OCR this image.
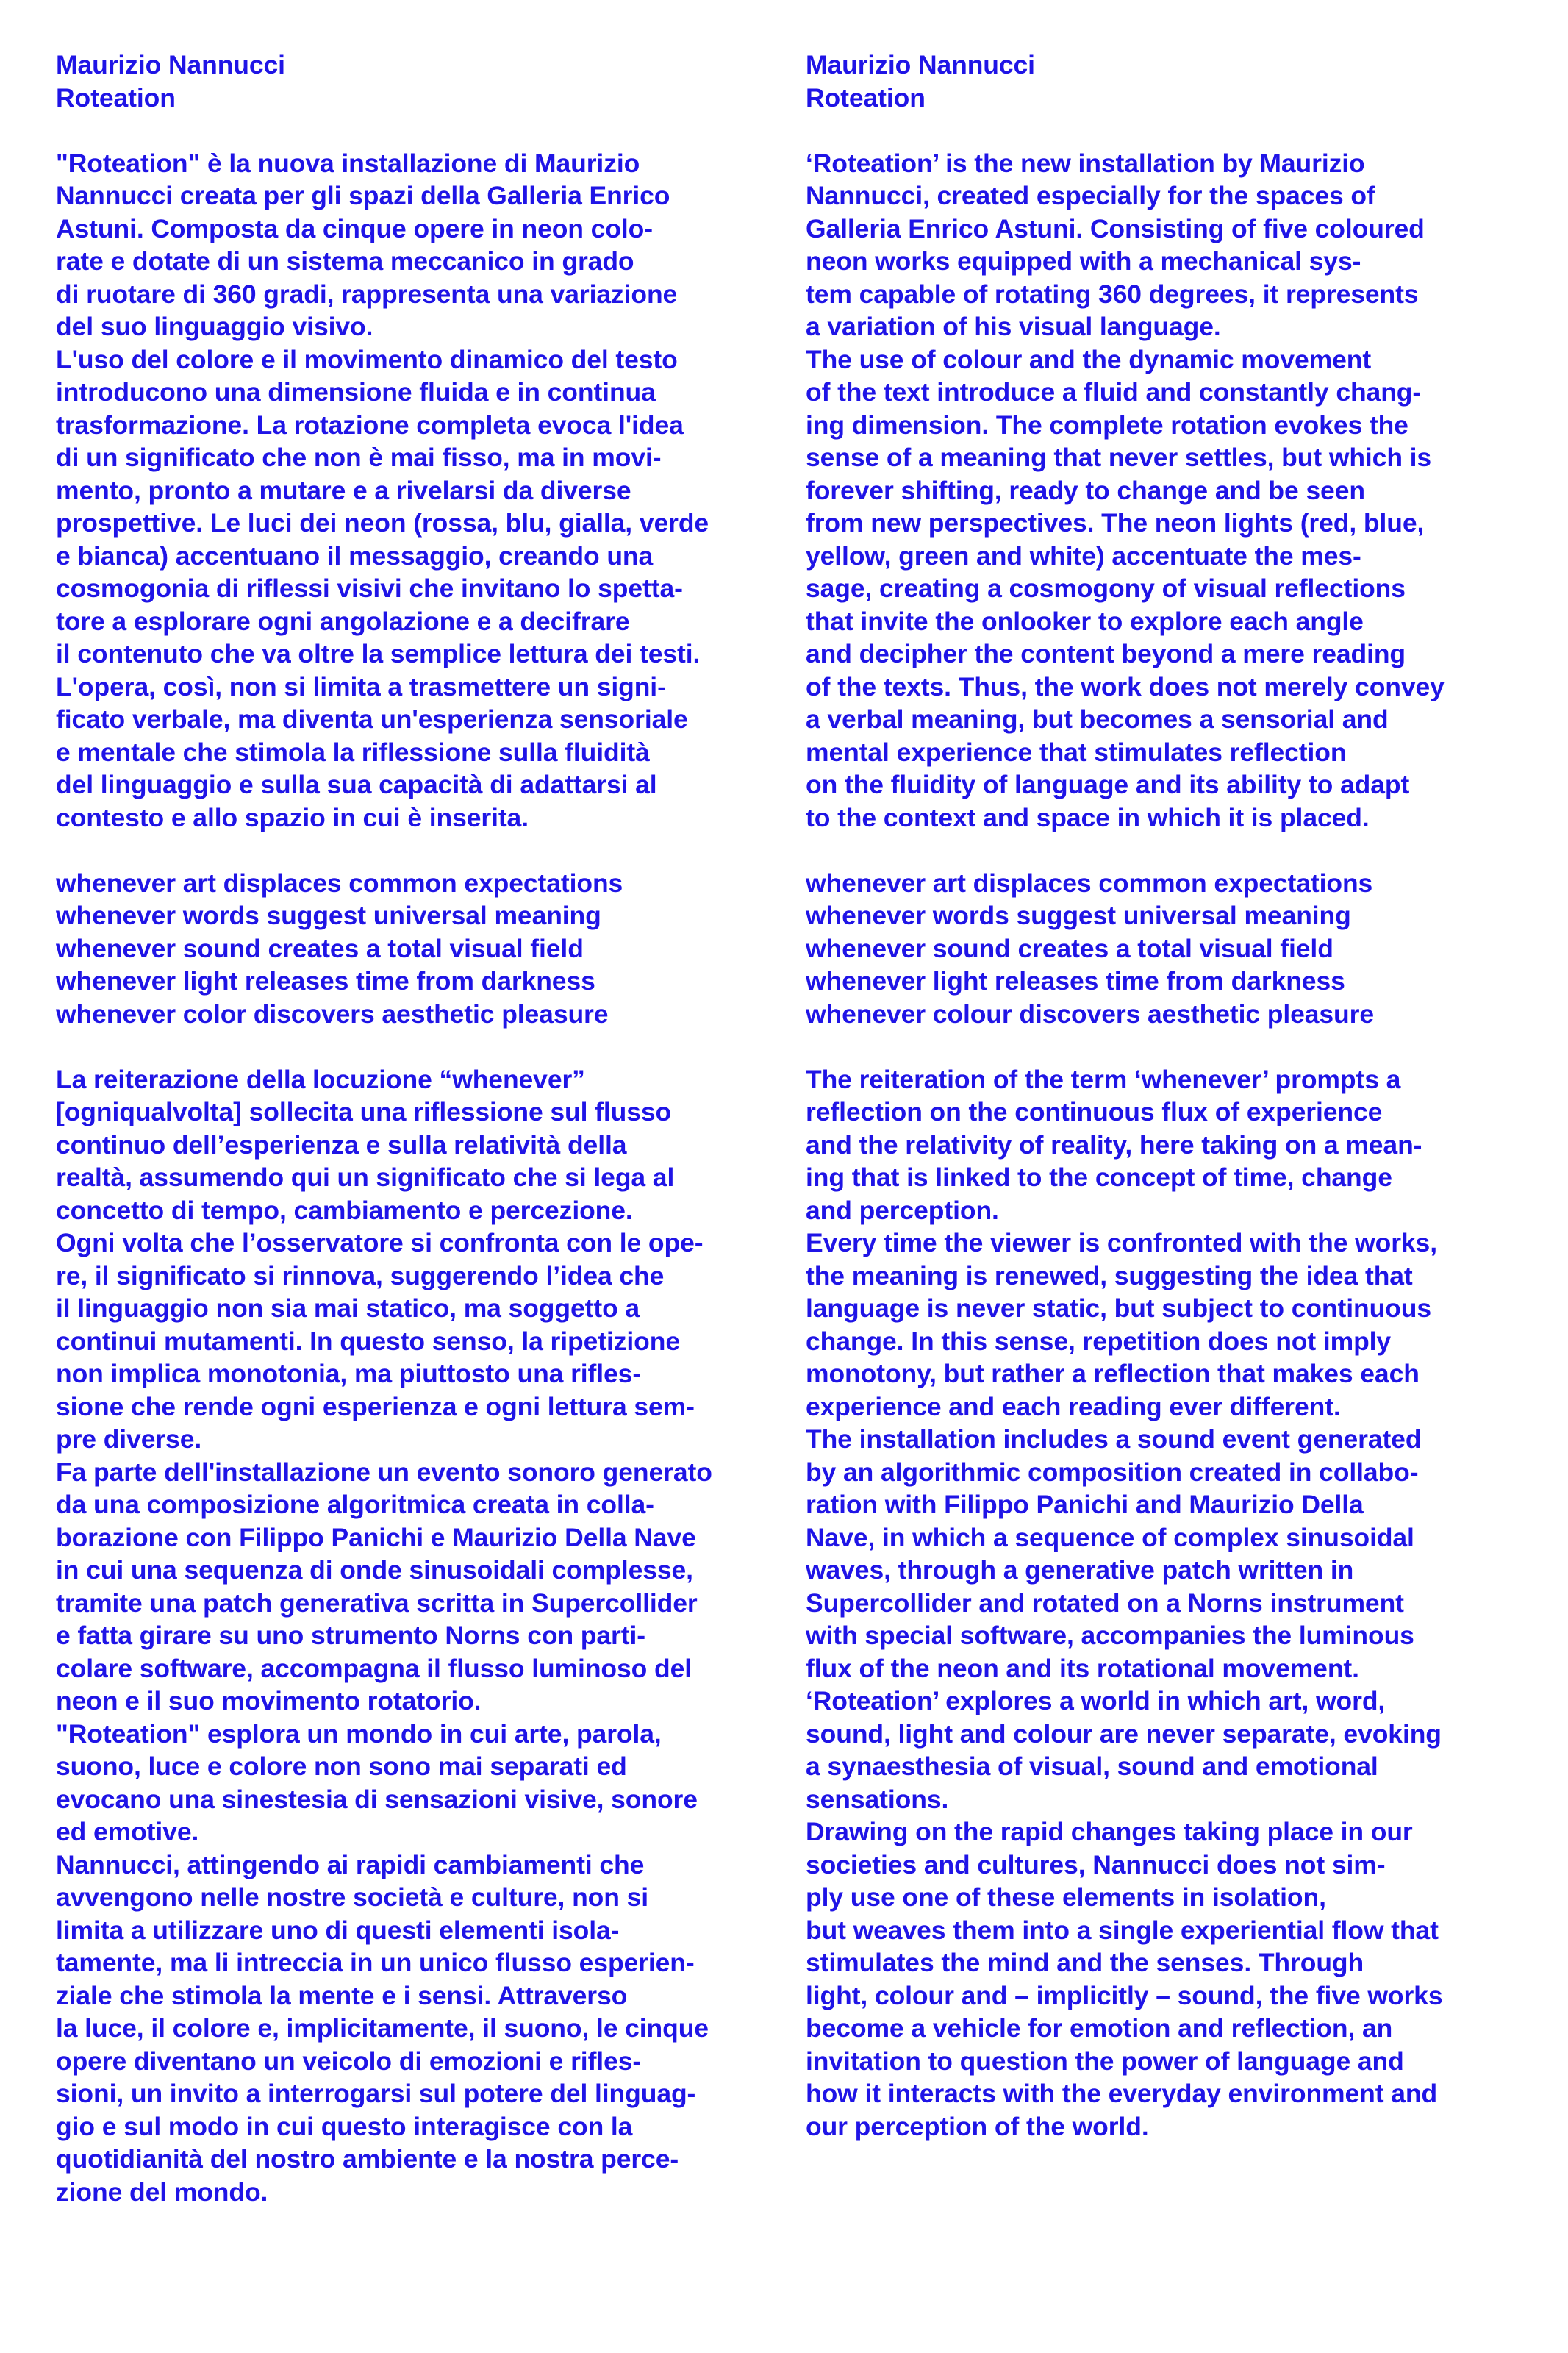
Maurizio Nannucci
Roteation
"Roteation" è la nuova installazione di Maurizio
Nannucci creata per gli spazi della Galleria Enrico
Astuni. Composta da cinque opere in neon colo-
rate e dotate di un sistema meccanico in grado
di ruotare di 360 gradi, rappresenta una variazione
del suo linguaggio visivo.
L'uso del colore e il movimento dinamico del testo
introducono una dimensione fluida e in continua
trasformazione. La rotazione completa evoca l'idea
di un significato che non è mai fisso, ma in movi-
mento, pronto a mutare e a rivelarsi da diverse
prospettive. Le luci dei neon (rossa, blu, gialla, verde
e bianca) accentuano il messaggio, creando una
cosmogonia di riflessi visivi che invitano lo spetta-
tore a esplorare ogni angolazione e a decifrare
il contenuto che va oltre la semplice lettura dei testi.
L'opera, così, non si limita a trasmettere un signi-
ficato verbale, ma diventa un'esperienza sensoriale
e mentale che stimola la riflessione sulla fluidità
del linguaggio e sulla sua capacità di adattarsi al
contesto e allo spazio in cui è inserita.
whenever art displaces common expectations
whenever words suggest universal meaning
whenever sound creates a total visual field
whenever light releases time from darkness
whenever color discovers aesthetic pleasure
La reiterazione della locuzione “whenever”
[ogniqualvolta] sollecita una riflessione sul flusso
continuo dell’esperienza e sulla relatività della
realtà, assumendo qui un significato che si lega al
concetto di tempo, cambiamento e percezione.
Ogni volta che l’osservatore si confronta con le ope-
re, il significato si rinnova, suggerendo l’idea che
il linguaggio non sia mai statico, ma soggetto a
continui mutamenti. In questo senso, la ripetizione
non implica monotonia, ma piuttosto una rifles-
sione che rende ogni esperienza e ogni lettura sem-
pre diverse.
Fa parte dell'installazione un evento sonoro generato
da una composizione algoritmica creata in colla-
borazione con Filippo Panichi e Maurizio Della Nave
in cui una sequenza di onde sinusoidali complesse,
tramite una patch generativa scritta in Supercollider
e fatta girare su uno strumento Norns con parti-
colare software, accompagna il flusso luminoso del
neon e il suo movimento rotatorio.
"Roteation" esplora un mondo in cui arte, parola,
suono, luce e colore non sono mai separati ed
evocano una sinestesia di sensazioni visive, sonore
ed emotive.
Nannucci, attingendo ai rapidi cambiamenti che
avvengono nelle nostre società e culture, non si
limita a utilizzare uno di questi elementi isola-
tamente, ma li intreccia in un unico flusso esperien-
ziale che stimola la mente e i sensi. Attraverso
la luce, il colore e, implicitamente, il suono, le cinque
opere diventano un veicolo di emozioni e rifles-
sioni, un invito a interrogarsi sul potere del linguag-
gio e sul modo in cui questo interagisce con la
quotidianità del nostro ambiente e la nostra perce-
zione del mondo.
Maurizio Nannucci
Roteation
‘Roteation’ is the new installation by Maurizio
Nannucci, created especially for the spaces of
Galleria Enrico Astuni. Consisting of five coloured
neon works equipped with a mechanical sys-
tem capable of rotating 360 degrees, it represents
a variation of his visual language.
The use of colour and the dynamic movement
of the text introduce a fluid and constantly chang-
ing dimension. The complete rotation evokes the
sense of a meaning that never settles, but which is
forever shifting, ready to change and be seen
from new perspectives. The neon lights (red, blue,
yellow, green and white) accentuate the mes-
sage, creating a cosmogony of visual reflections
that invite the onlooker to explore each angle
and decipher the content beyond a mere reading
of the texts. Thus, the work does not merely convey
a verbal meaning, but becomes a sensorial and
mental experience that stimulates reflection
on the fluidity of language and its ability to adapt
to the context and space in which it is placed.
whenever art displaces common expectations
whenever words suggest universal meaning
whenever sound creates a total visual field
whenever light releases time from darkness
whenever colour discovers aesthetic pleasure
The reiteration of the term ‘whenever’ prompts a
reflection on the continuous flux of experience
and the relativity of reality, here taking on a mean-
ing that is linked to the concept of time, change
and perception.
Every time the viewer is confronted with the works,
the meaning is renewed, suggesting the idea that
language is never static, but subject to continuous
change. In this sense, repetition does not imply
monotony, but rather a reflection that makes each
experience and each reading ever different.
The installation includes a sound event generated
by an algorithmic composition created in collabo-
ration with Filippo Panichi and Maurizio Della
Nave, in which a sequence of complex sinusoidal
waves, through a generative patch written in
Supercollider and rotated on a Norns instrument
with special software, accompanies the luminous
flux of the neon and its rotational movement.
‘Roteation’ explores a world in which art, word,
sound, light and colour are never separate, evoking
a synaesthesia of visual, sound and emotional
sensations.
Drawing on the rapid changes taking place in our
societies and cultures, Nannucci does not sim-
ply use one of these elements in isolation,
but weaves them into a single experiential flow that
stimulates the mind and the senses. Through
light, colour and – implicitly – sound, the five works
become a vehicle for emotion and reflection, an
invitation to question the power of language and
how it interacts with the everyday environment and
our perception of the world.
